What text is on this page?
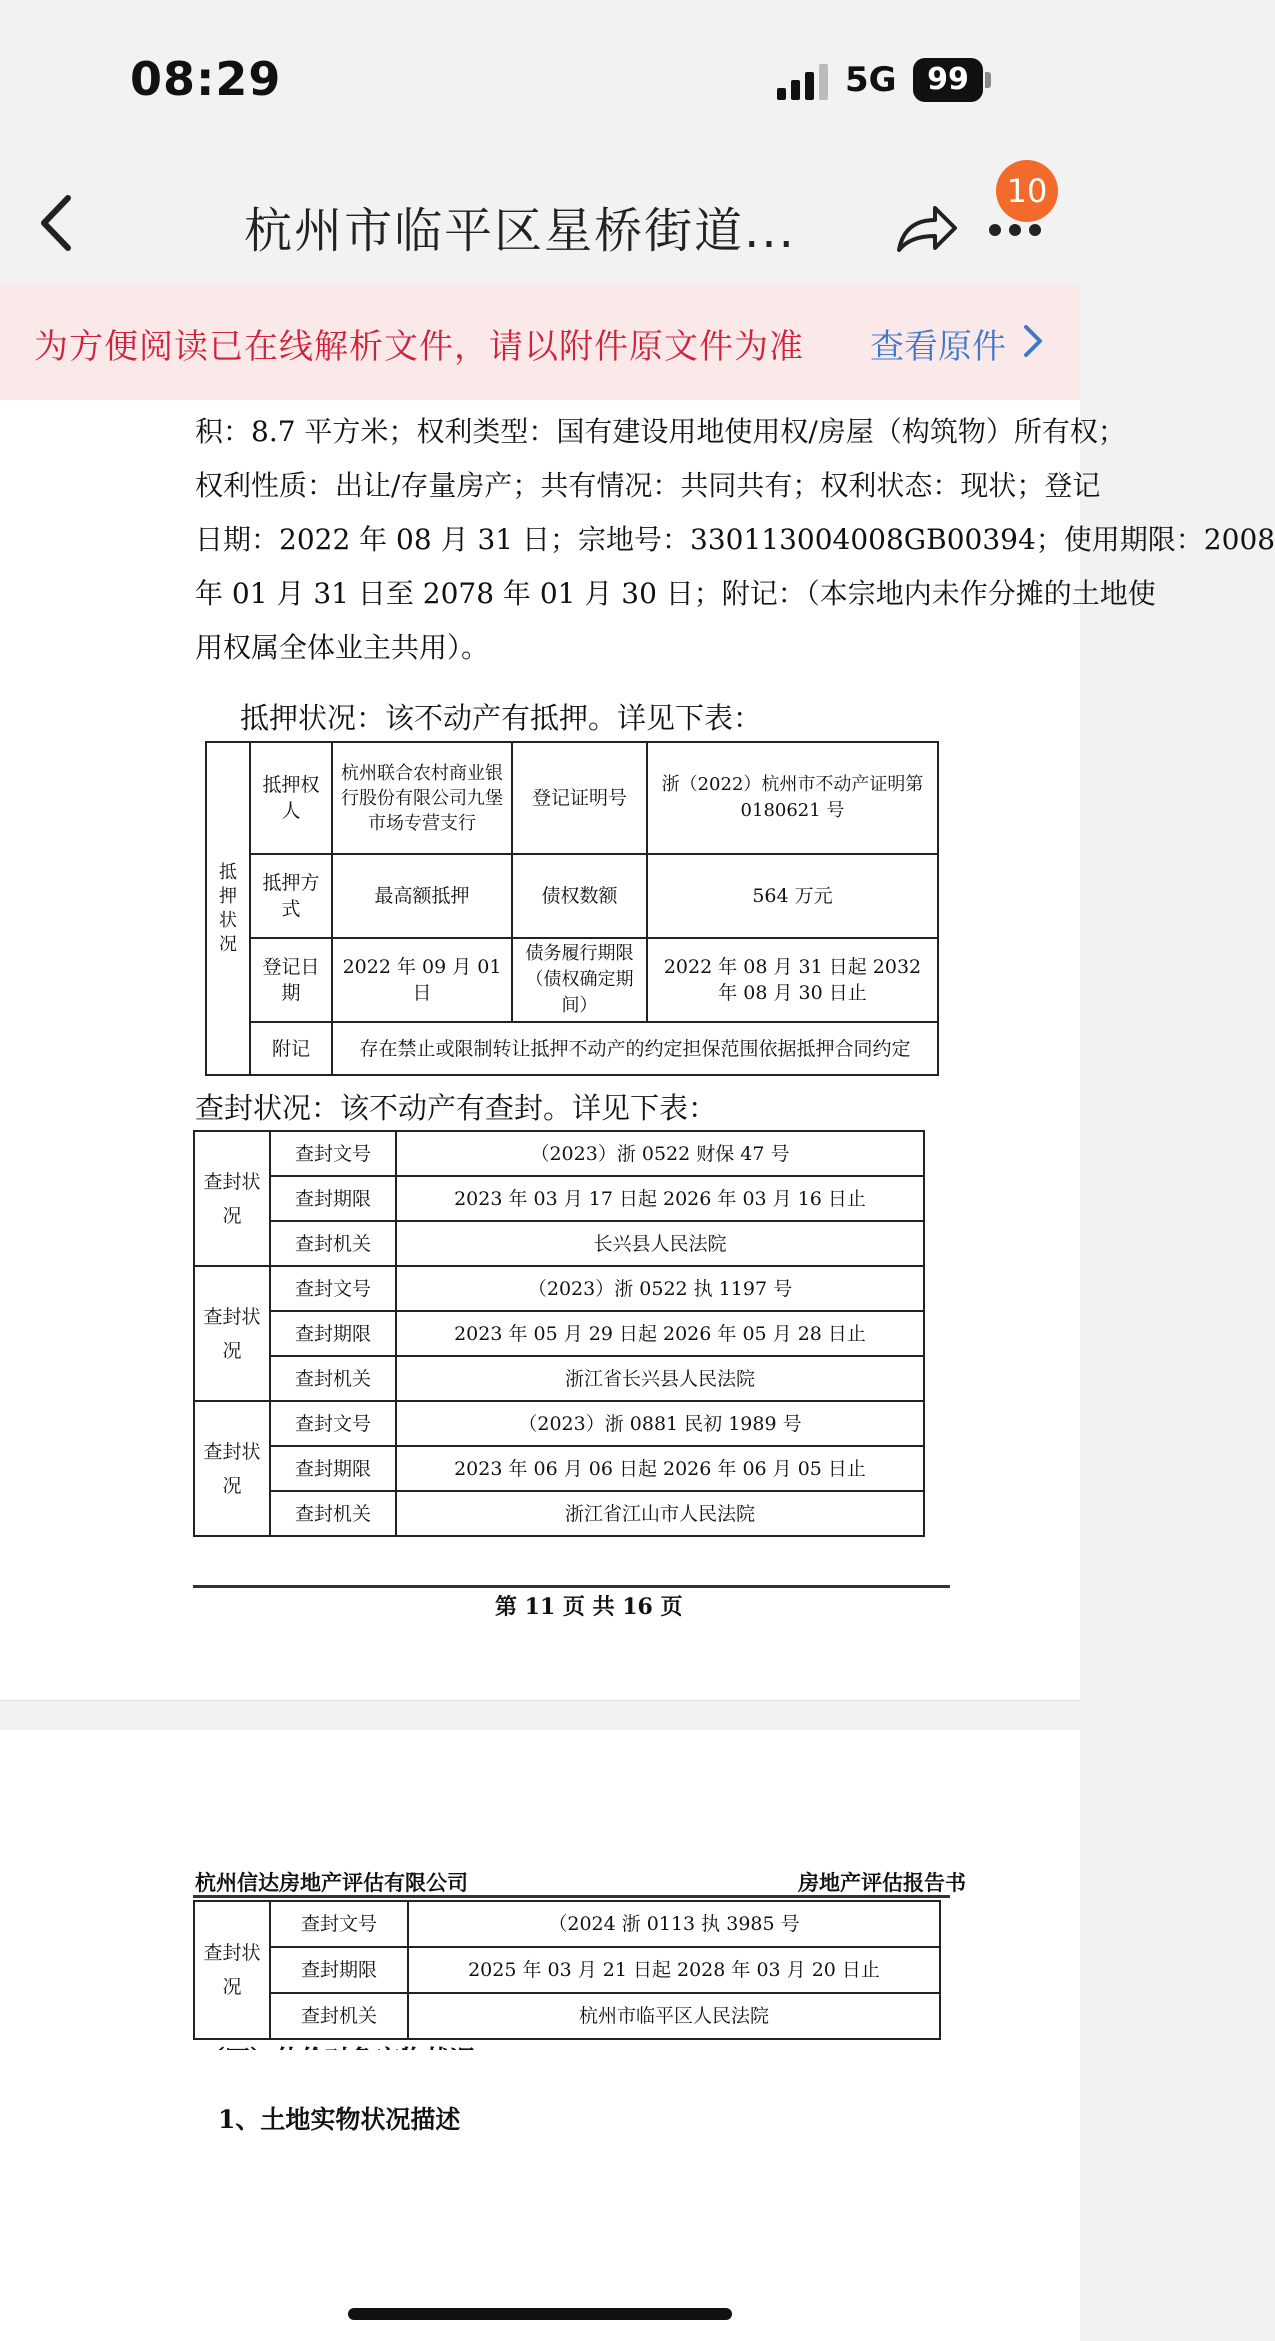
08:29	5G	99
杭州市临平区星桥街道...
10
为方便阅读已在线解析文件，请以附件原文件为准 查看原件
积：8.7 平方米；权利类型：国有建设用地使用权/房屋（构筑物）所有权；
权利性质：出让/存量房产；共有情况：共同共有；权利状态：现状；登记
日期：2022 年 08 月 31 日；宗地号：330113004008GB00394；使用期限：2008
年 01 月 31 日至 2078 年 01 月 30 日；附记：（本宗地内未作分摊的土地使
用权属全体业主共用）。
抵押状况：该不动产有抵押。详见下表：
抵押状况	抵押权人	杭州联合农村商业银行股份有限公司九堡市场专营支行	登记证明号	浙（2022）杭州市不动产证明第 0180621 号
	抵押方式	最高额抵押	债权数额	564 万元
	登记日期	2022 年 09 月 01 日	债务履行期限（债权确定期间）	2022 年 08 月 31 日起 2032 年 08 月 30 日止
	附记	存在禁止或限制转让抵押不动产的约定担保范围依据抵押合同约定		
查封状况：该不动产有查封。详见下表：
查封状况	查封文号	（2023）浙 0522 财保 47 号
	查封期限	2023 年 03 月 17 日起 2026 年 03 月 16 日止
	查封机关	长兴县人民法院
查封状况	查封文号	（2023）浙 0522 执 1197 号
	查封期限	2023 年 05 月 29 日起 2026 年 05 月 28 日止
	查封机关	浙江省长兴县人民法院
查封状况	查封文号	（2023）浙 0881 民初 1989 号
	查封期限	2023 年 06 月 06 日起 2026 年 06 月 05 日止
	查封机关	浙江省江山市人民法院
第 11 页 共 16 页
杭州信达房地产评估有限公司	房地产评估报告书
查封状况	查封文号	（2024 浙 0113 执 3985 号
	查封期限	2025 年 03 月 21 日起 2028 年 03 月 20 日止
	查封机关	杭州市临平区人民法院
1、土地实物状况描述
